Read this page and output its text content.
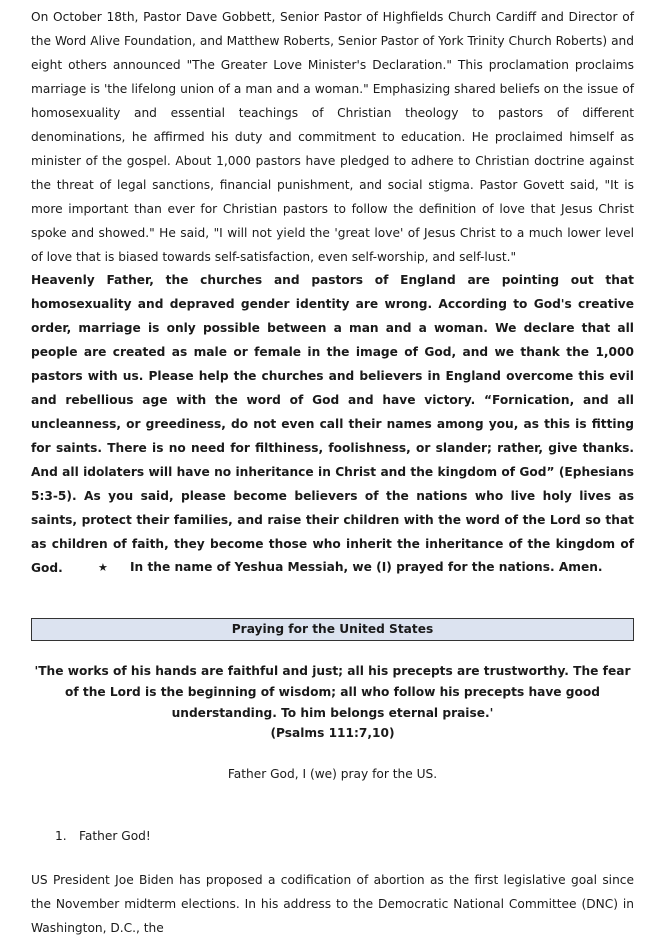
On October 18th, Pastor Dave Gobbett, Senior Pastor of Highfields Church Cardiff and Director of the Word Alive Foundation, and Matthew Roberts, Senior Pastor of York Trinity Church Roberts) and eight others announced "The Greater Love Minister's Declaration." This proclamation proclaims marriage is 'the lifelong union of a man and a woman." Emphasizing shared beliefs on the issue of homosexuality and essential teachings of Christian theology to pastors of different denominations, he affirmed his duty and commitment to education. He proclaimed himself as minister of the gospel. About 1,000 pastors have pledged to adhere to Christian doctrine against the threat of legal sanctions, financial punishment, and social stigma. Pastor Govett said, "It is more important than ever for Christian pastors to follow the definition of love that Jesus Christ spoke and showed." He said, "I will not yield the 'great love' of Jesus Christ to a much lower level of love that is biased towards self-satisfaction, even self-worship, and self-lust."

Heavenly Father, the churches and pastors of England are pointing out that homosexuality and depraved gender identity are wrong. According to God's creative order, marriage is only possible between a man and a woman. We declare that all people are created as male or female in the image of God, and we thank the 1,000 pastors with us. Please help the churches and believers in England overcome this evil and rebellious age with the word of God and have victory. “Fornication, and all uncleanness, or greediness, do not even call their names among you, as this is fitting for saints. There is no need for filthiness, foolishness, or slander; rather, give thanks. And all idolaters will have no inheritance in Christ and the kingdom of God” (Ephesians 5:3-5). As you said, please become believers of the nations who live holy lives as saints, protect their families, and raise their children with the word of the Lord so that as children of faith, they become those who inherit the inheritance of the kingdom of God.	★ In the name of Yeshua Messiah, we (I) prayed for the nations. Amen.
Praying for the United States

'The works of his hands are faithful and just; all his precepts are trustworthy. The fear of the Lord is the beginning of wisdom; all who follow his precepts have good understanding. To him belongs eternal praise.'

(Psalms 111:7,10)
Father God, I (we) pray for the US.
1. Father God!

US President Joe Biden has proposed a codification of abortion as the first legislative goal since the November midterm elections. In his address to the Democratic National Committee (DNC) in Washington, D.C., the
